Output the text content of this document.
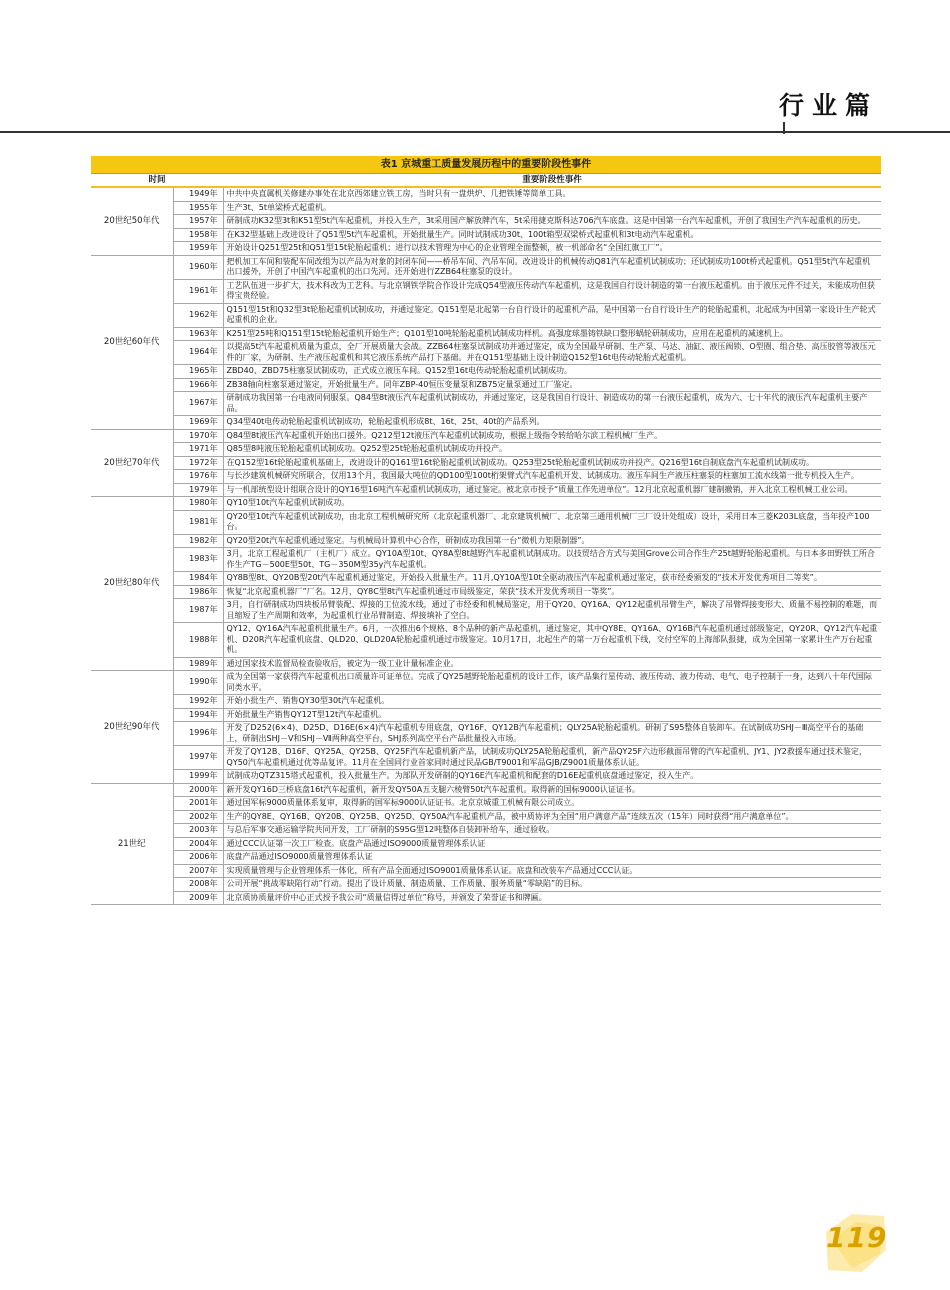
行业篇
表1 京城重工质量发展历程中的重要阶段性事件
时间		重要阶段性事件
20世纪50年代	1949年	中共中央直属机关修建办事处在北京西郊建立铁工房，当时只有一盘烘炉、几把铁锤等简单工具。
	1955年	生产3t、5t单梁桥式起重机。
	1957年	研制成功K32型3t和K51型5t汽车起重机，并投入生产，3t采用国产解放牌汽车，5t采用捷克斯科达706汽车底盘。这是中国第一台汽车起重机，开创了我国生产汽车起重机的历史。
	1958年	在K32型基础上改进设计了Q51型5t汽车起重机，开始批量生产。同时试制成功30t、100t箱型双梁桥式起重机和3t电动汽车起重机。
	1959年	开始设计Q251型25t和Q51型15t轮胎起重机；进行以技术管理为中心的企业管理全面整顿，被一机部命名“全国红旗工厂”。
20世纪60年代	1960年	把机加工车间和装配车间改组为以产品为对象的封闭车间——桥吊车间、汽吊车间。改进设计的机械传动Q81汽车起重机试制成功；还试制成功100t桥式起重机。Q51型5t汽车起重机出口援外，开创了中国汽车起重机的出口先河。还开始进行ZZB64柱塞泵的设计。
	1961年	工艺队伍进一步扩大，技术科改为工艺科。与北京钢铁学院合作设计完成Q54型液压传动汽车起重机，这是我国自行设计制造的第一台液压起重机。由于液压元件不过关，未能成功但获得宝贵经验。
	1962年	Q151型15t和Q32型3t轮胎起重机试制成功，并通过鉴定。Q151型是北起第一台自行设计的起重机产品，是中国第一台自行设计生产的轮胎起重机，北起成为中国第一家设计生产轮式起重机的企业。
	1963年	K251型25吨和Q151型15t轮胎起重机开始生产；Q101型10吨轮胎起重机试制成功样机。高强度球墨铸铁缺口整形蜗轮研制成功，应用在起重机的减速机上。
	1964年	以提高5t汽车起重机质量为重点，全厂开展质量大会战。ZZB64柱塞泵试制成功并通过鉴定，成为全国最早研制、生产泵、马达、油缸、液压阀锁、O型圈、组合垫、高压胶管等液压元件的厂家，为研制、生产液压起重机和其它液压系统产品打下基础。并在Q151型基础上设计制造Q152型16t电传动轮胎式起重机。
	1965年	ZBD40、ZBD75柱塞泵试制成功，正式成立液压车间。Q152型16t电传动轮胎起重机试制成功。
	1966年	ZB38轴向柱塞泵通过鉴定，开始批量生产。同年ZBP-40恒压变量泵和ZB75定量泵通过工厂鉴定。
	1967年	研制成功我国第一台电液同伺服泵。Q84型8t液压汽车起重机试制成功，并通过鉴定，这是我国自行设计、制造成功的第一台液压起重机，成为六、七十年代的液压汽车起重机主要产品。
	1969年	Q34型40t电传动轮胎起重机试制成功，轮胎起重机形成8t、16t、25t、40t的产品系列。
20世纪70年代	1970年	Q84型8t液压汽车起重机开始出口援外。Q212型12t液压汽车起重机试制成功，根据上级指令转给哈尔滨工程机械厂生产。
	1971年	Q85型8吨液压轮胎起重机试制成功。Q252型25t轮胎起重机试制成功并投产。
	1972年	在Q152型16t轮胎起重机基础上，改进设计的Q161型16t轮胎起重机试制成功。Q253型25t轮胎起重机试制成功并投产。Q216型16t自制底盘汽车起重机试制成功。
	1976年	与长沙建筑机械研究所联合，仅用13个月，我国最大吨位的QD100型100t桁架臂式汽车起重机开发、试制成功。液压车间生产液压柱塞泵的柱塞加工流水线第一批专机投入生产。
	1979年	与一机部统型设计组联合设计的QY16型16吨汽车起重机试制成功，通过鉴定。被北京市授予“质量工作先进单位”。12月北京起重机器厂建制撤销，并入北京工程机械工业公司。
20世纪80年代	1980年	QY10型10t汽车起重机试制成功。
	1981年	QY20型10t汽车起重机试制成功，由北京工程机械研究所（北京起重机器厂、北京建筑机械厂、北京第三通用机械厂三厂设计处组成）设计，采用日本三菱K203L底盘，当年投产100台。
	1982年	QY20型20t汽车起重机通过鉴定。与机械局计算机中心合作，研制成功我国第一台“微机力矩限制器”。
	1983年	3月，北京工程起重机厂（主机厂）成立。QY10A型10t、QY8A型8t越野汽车起重机试制成功。以技贸结合方式与美国Grove公司合作生产25t越野轮胎起重机。与日本多田野铁工所合作生产TG－500E型50t、TG－350M型35y汽车起重机。
	1984年	QY8B型8t、QY20B型20t汽车起重机通过鉴定，开始投入批量生产。11月,QY10A型10t全驱动液压汽车起重机通过鉴定，获市经委颁发的“技术开发优秀项目二等奖”。
	1986年	恢复“北京起重机器厂”厂名。12月，QY8C型8t汽车起重机通过市局级鉴定，荣获“技术开发优秀项目一等奖”。
	1987年	3月，自行研制成功四块板吊臂装配、焊接的工位流水线，通过了市经委和机械局鉴定，用于QY20、QY16A、QY12起重机吊臂生产，解决了吊臂焊接变形大、质量不易控制的难题，而且缩短了生产周期和效率，为起重机行业吊臂制造、焊接填补了空白。
	1988年	QY12、QY16A汽车起重机批量生产。6月，一次推出6个规格、8个品种的新产品起重机，通过鉴定，其中QY8E、QY16A、QY16B汽车起重机通过部级鉴定，QY20R、QY12汽车起重机、D20R汽车起重机底盘、QLD20、QLD20A轮胎起重机通过市级鉴定。10月17日，北起生产的第一万台起重机下线，交付空军的上海部队报捷，成为全国第一家累计生产万台起重机。
	1989年	通过国家技术监督局检查验收后，被定为一级工业计量标准企业。
20世纪90年代	1990年	成为全国第一家获得汽车起重机出口质量许可证单位。完成了QY25越野轮胎起重机的设计工作，该产品集行星传动、液压传动、液力传动、电气、电子控制于一身，达到八十年代国际同类水平。
	1992年	开始小批生产、销售QY30型30t汽车起重机。
	1994年	开始批量生产销售QY12T型12t汽车起重机。
	1996年	开发了D252(6×4)、D25D、D16E(6×4)汽车起重机专用底盘，QY16F、QY12B汽车起重机；QLY25A轮胎起重机。研制了S95整体自装卸车。在试制成功SHJ－Ⅲ高空平台的基础上，研制出SHJ－Ⅴ和SHJ－Ⅶ两种高空平台，SHJ系列高空平台产品批量投入市场。
	1997年	开发了QY12B、D16F、QY25A、QY25B、QY25F汽车起重机新产品，试制成功QLY25A轮胎起重机，新产品QY25F六边形截面吊臂的汽车起重机、JY1、JY2救援车通过技术鉴定，QY50汽车起重机通过优等品复评。11月在全国同行业首家同时通过民品GB/T9001和军品GJB/Z9001质量体系认证。
	1999年	试制成功QTZ315塔式起重机，投入批量生产。为部队开发研制的QY16E汽车起重机和配套的D16E起重机底盘通过鉴定，投入生产。
21世纪	2000年	新开发QY16D三桥底盘16t汽车起重机，新开发QY50A五支腿六棱臂50t汽车起重机。取得新的国标9000认证证书。
	2001年	通过国军标9000质量体系复审，取得新的国军标9000认证证书。北京京城重工机械有限公司成立。
	2002年	生产的QY8E、QY16B、QY20B、QY25B、QY25D、QY50A汽车起重机产品，被中质协评为全国“用户满意产品”连续五次（15年）同时获得“用户满意单位”。
	2003年	与总后军事交通运输学院共同开发，工厂研制的S95G型12吨整体自装卸补给车，通过验收。
	2004年	通过CCC认证第一次工厂检查。底盘产品通过ISO9000质量管理体系认证
	2006年	底盘产品通过ISO9000质量管理体系认证
	2007年	实现质量管理与企业管理体系一体化，所有产品全面通过ISO9001质量体系认证。底盘和改装车产品通过CCC认证。
	2008年	公司开展“挑战零缺陷行动”行动。提出了设计质量、制造质量、工作质量、服务质量“零缺陷”的目标。
	2009年	北京质协质量评价中心正式授予我公司“质量信得过单位”称号，并颁发了荣誉证书和牌匾。
119
